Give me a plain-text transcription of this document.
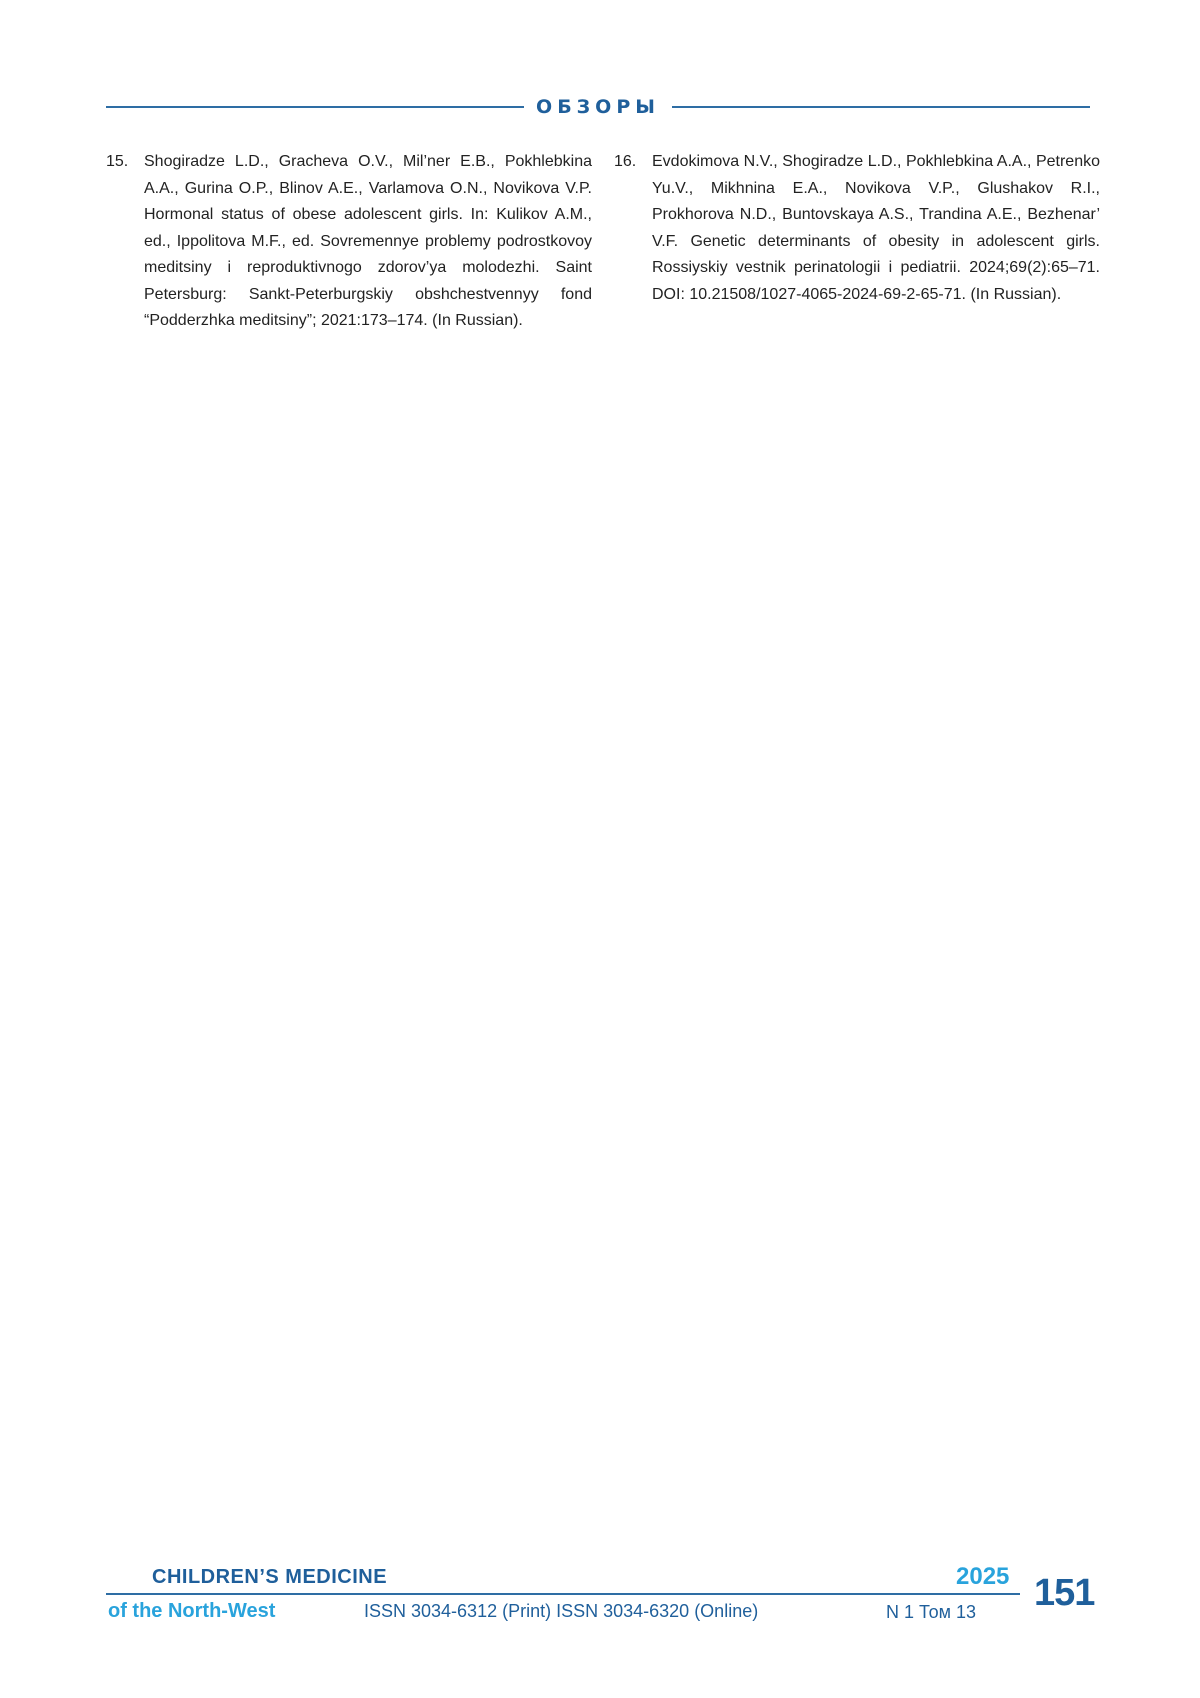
ОБЗОРЫ
15. Shogiradze L.D., Gracheva O.V., Mil’ner E.B., Pokhlebkina A.A., Gurina O.P., Blinov A.E., Varlamova O.N., Novikova V.P. Hormonal status of obese adolescent girls. In: Kulikov A.M., ed., Ippolitova M.F., ed. Sovremennye problemy podrostkovoy meditsiny i reproduktivnogo zdorov’ya molodezhi. Saint Petersburg: Sankt-Peterburgskiy obshchestvennyy fond “Podderzhka meditsiny”; 2021:173–174. (In Russian).
16. Evdokimova N.V., Shogiradze L.D., Pokhlebkina A.A., Petrenko Yu.V., Mikhnina E.A., Novikova V.P., Glushakov R.I., Prokhorova N.D., Buntovskaya A.S., Trandina A.E., Bezhenar’ V.F. Genetic determinants of obesity in adolescent girls. Rossiyskiy vestnik perinatologii i pediatrii. 2024;69(2):65–71. DOI: 10.21508/1027-4065-2024-69-2-65-71. (In Russian).
CHILDREN’S MEDICINE
of the North-West	ISSN 3034-6312 (Print) ISSN 3034-6320 (Online)
2025
N 1 Том 13 151
